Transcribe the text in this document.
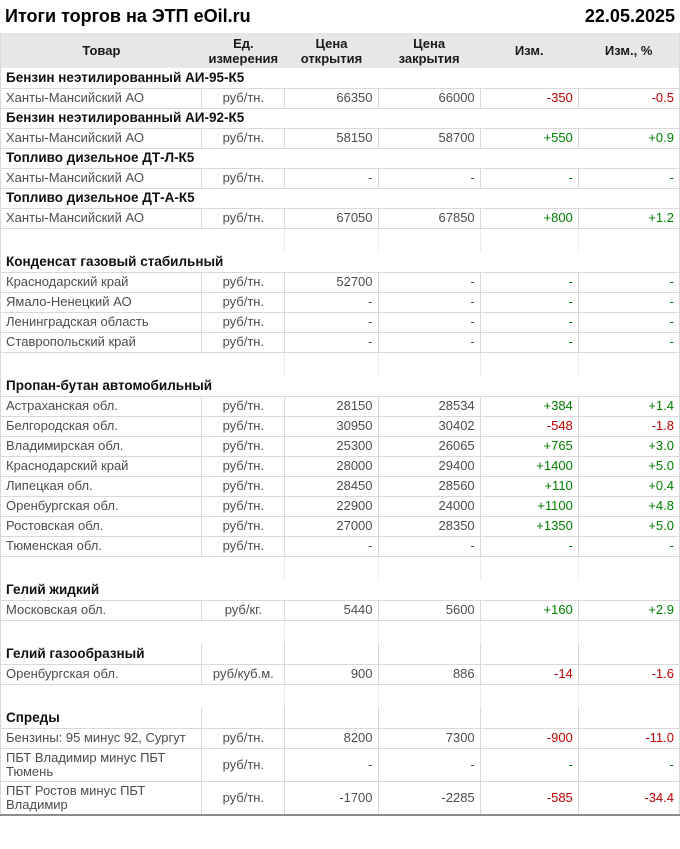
Итоги торгов на ЭТП eOil.ru	22.05.2025
Товар	Ед. измерения	Цена открытия	Цена закрытия	Изм.	Изм., %
Бензин неэтилированный АИ-95-К5					
Ханты-Мансийский АО	руб/тн.	66350	66000	-350	-0.5
Бензин неэтилированный АИ-92-К5					
Ханты-Мансийский АО	руб/тн.	58150	58700	+550	+0.9
Топливо дизельное ДТ-Л-К5					
Ханты-Мансийский АО	руб/тн.	-	-	-	-
Топливо дизельное ДТ-А-К5					
Ханты-Мансийский АО	руб/тн.	67050	67850	+800	+1.2

Конденсат газовый стабильный					
Краснодарский край	руб/тн.	52700	-	-	-
Ямало-Ненецкий АО	руб/тн.	-	-	-	-
Ленинградская область	руб/тн.	-	-	-	-
Ставропольский край	руб/тн.	-	-	-	-

Пропан-бутан автомобильный					
Астраханская обл.	руб/тн.	28150	28534	+384	+1.4
Белгородская обл.	руб/тн.	30950	30402	-548	-1.8
Владимирская обл.	руб/тн.	25300	26065	+765	+3.0
Краснодарский край	руб/тн.	28000	29400	+1400	+5.0
Липецкая обл.	руб/тн.	28450	28560	+110	+0.4
Оренбургская обл.	руб/тн.	22900	24000	+1100	+4.8
Ростовская обл.	руб/тн.	27000	28350	+1350	+5.0
Тюменская обл.	руб/тн.	-	-	-	-

Гелий жидкий					
Московская обл.	руб/кг.	5440	5600	+160	+2.9

Гелий газообразный					
Оренбургская обл.	руб/куб.м.	900	886	-14	-1.6

Спреды					
Бензины: 95 минус 92, Сургут	руб/тн.	8200	7300	-900	-11.0
ПБТ Владимир минус ПБТ Тюмень	руб/тн.	-	-	-	-
ПБТ Ростов минус ПБТ Владимир	руб/тн.	-1700	-2285	-585	-34.4
